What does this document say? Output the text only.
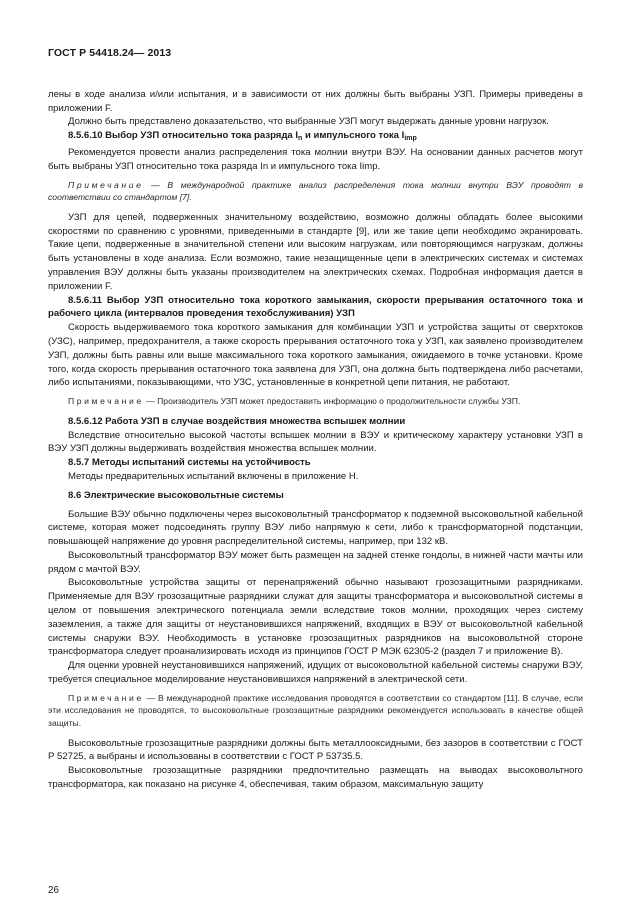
ГОСТ Р 54418.24— 2013

лены в ходе анализа и/или испытания, и в зависимости от них должны быть выбраны УЗП. Примеры приведены в приложении F.

Должно быть представлено доказательство, что выбранные УЗП могут выдержать данные уровни нагрузок.

8.5.6.10 Выбор УЗП относительно тока разряда $I_n$ и импульсного тока $I_{imp}$

Рекомендуется провести анализ распределения тока молнии внутри ВЭУ. На основании данных расчетов могут быть выбраны УЗП относительно тока разряда In и импульсного тока Iimp.

Примечание — В международной практике анализ распределения тока молнии внутри ВЭУ проводят в соответствии со стандартом [7].

УЗП для цепей, подверженных значительному воздействию, возможно должны обладать более высокими скоростями по сравнению с уровнями, приведенными в стандарте [9], или же такие цепи необходимо экранировать. Такие цепи, подверженные в значительной степени или высоким нагрузкам, или повторяющимся нагрузкам, должны быть установлены в ходе анализа. Если возможно, такие незащищенные цепи в электрических системах и системах управления ВЭУ должны быть указаны производителем на электрических схемах. Подробная информация дается в приложении F.

8.5.6.11 Выбор УЗП относительно тока короткого замыкания, скорости прерывания остаточного тока и рабочего цикла (интервалов проведения техобслуживания) УЗП

Скорость выдерживаемого тока короткого замыкания для комбинации УЗП и устройства защиты от сверхтоков (УЗС), например, предохранителя, а также скорость прерывания остаточного тока у УЗП, как заявлено производителем УЗП, должны быть равны или выше максимального тока короткого замыкания, ожидаемого в точке установки. Кроме того, когда скорость прерывания остаточного тока заявлена для УЗП, она должна быть подтверждена либо расчетами, либо испытаниями, показывающими, что УЗС, установленные в конкретной цепи питания, не работают.

Примечание — Производитель УЗП может предоставить информацию о продолжительности службы УЗП.

8.5.6.12 Работа УЗП в случае воздействия множества вспышек молнии

Вследствие относительно высокой частоты вспышек молнии в ВЭУ и критическому характеру установки УЗП в ВЭУ УЗП должны выдерживать воздействия множества вспышек молнии.

8.5.7 Методы испытаний системы на устойчивость

Методы предварительных испытаний включены в приложение Н.

8.6 Электрические высоковольтные системы

Большие ВЭУ обычно подключены через высоковольтный трансформатор к подземной высоковольтной кабельной системе, которая может подсоединять группу ВЭУ либо напрямую к сети, либо к трансформаторной подстанции, повышающей напряжение до уровня распределительной системы, например, при 132 кВ.

Высоковольтный трансформатор ВЭУ может быть размещен на задней стенке гондолы, в нижней части мачты или рядом с мачтой ВЭУ.

Высоковольтные устройства защиты от перенапряжений обычно называют грозозащитными разрядниками. Применяемые для ВЭУ грозозащитные разрядники служат для защиты трансформатора и высоковольтной системы в целом от повышения электрического потенциала земли вследствие токов молнии, проходящих через систему заземления, а также для защиты от неустановившихся напряжений, входящих в ВЭУ от высоковольтной кабельной системы снаружи ВЭУ. Необходимость в установке грозозащитных разрядников на высоковольтной стороне трансформатора следует проанализировать исходя из принципов ГОСТ Р МЭК 62305-2 (раздел 7 и приложение В).

Для оценки уровней неустановившихся напряжений, идущих от высоковольтной кабельной системы снаружи ВЭУ, требуется специальное моделирование неустановившихся напряжений в электрической сети.

Примечание — В международной практике исследования проводятся в соответствии со стандартом [11]. В случае, если эти исследования не проводятся, то высоковольтные грозозащитные разрядники рекомендуется использовать в качестве общей защиты.

Высоковольтные грозозащитные разрядники должны быть металлооксидными, без зазоров в соответствии с ГОСТ Р 52725, а выбраны и использованы в соответствии с ГОСТ Р 53735.5.

Высоковольтные грозозащитные разрядники предпочтительно размещать на выводах высоковольтного трансформатора, как показано на рисунке 4, обеспечивая, таким образом, максимальную защиту

26
